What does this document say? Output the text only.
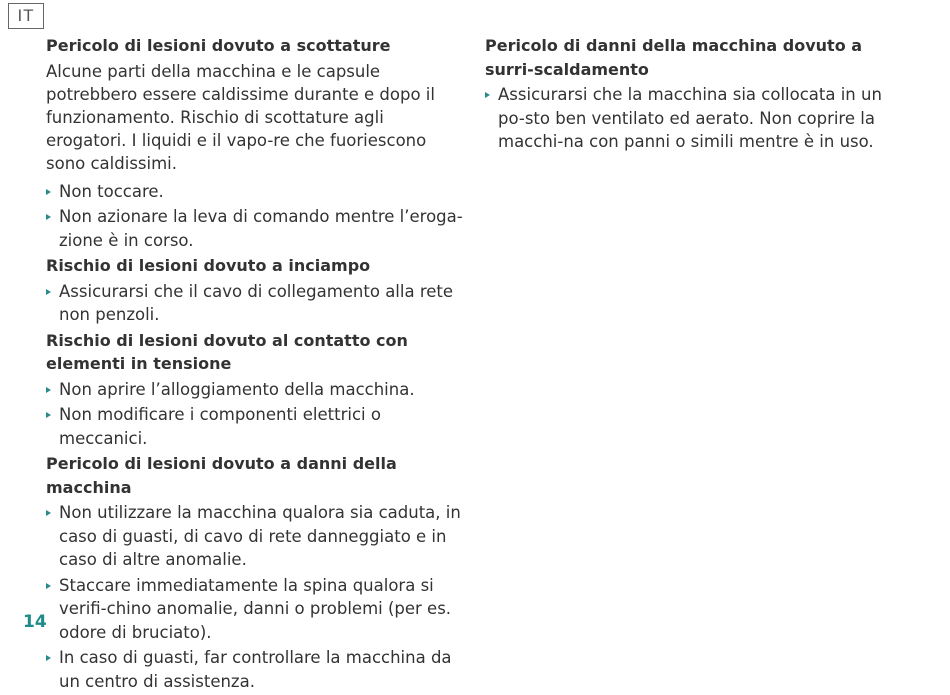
IT
Pericolo di lesioni dovuto a scottature
Alcune parti della macchina e le capsule potrebbero essere caldissime durante e dopo il funzionamento. Rischio di scottature agli erogatori. I liquidi e il vapo-re che fuoriescono sono caldissimi.
Non toccare.
Non azionare la leva di comando mentre l’eroga-zione è in corso.
Rischio di lesioni dovuto a inciampo
Assicurarsi che il cavo di collegamento alla rete non penzoli.
Rischio di lesioni dovuto al contatto con elementi in tensione
Non aprire l’alloggiamento della macchina.
Non modificare i componenti elettrici o meccanici.
Pericolo di lesioni dovuto a danni della macchina
Non utilizzare la macchina qualora sia caduta, in caso di guasti, di cavo di rete danneggiato e in caso di altre anomalie.
Staccare immediatamente la spina qualora si verifi-chino anomalie, danni o problemi (per es. odore di bruciato).
In caso di guasti, far controllare la macchina da un centro di assistenza.
Pericolo di danni della macchina dovuto a surri-scaldamento
Assicurarsi che la macchina sia collocata in un po-sto ben ventilato ed aerato. Non coprire la macchi-na con panni o simili mentre è in uso.
14
